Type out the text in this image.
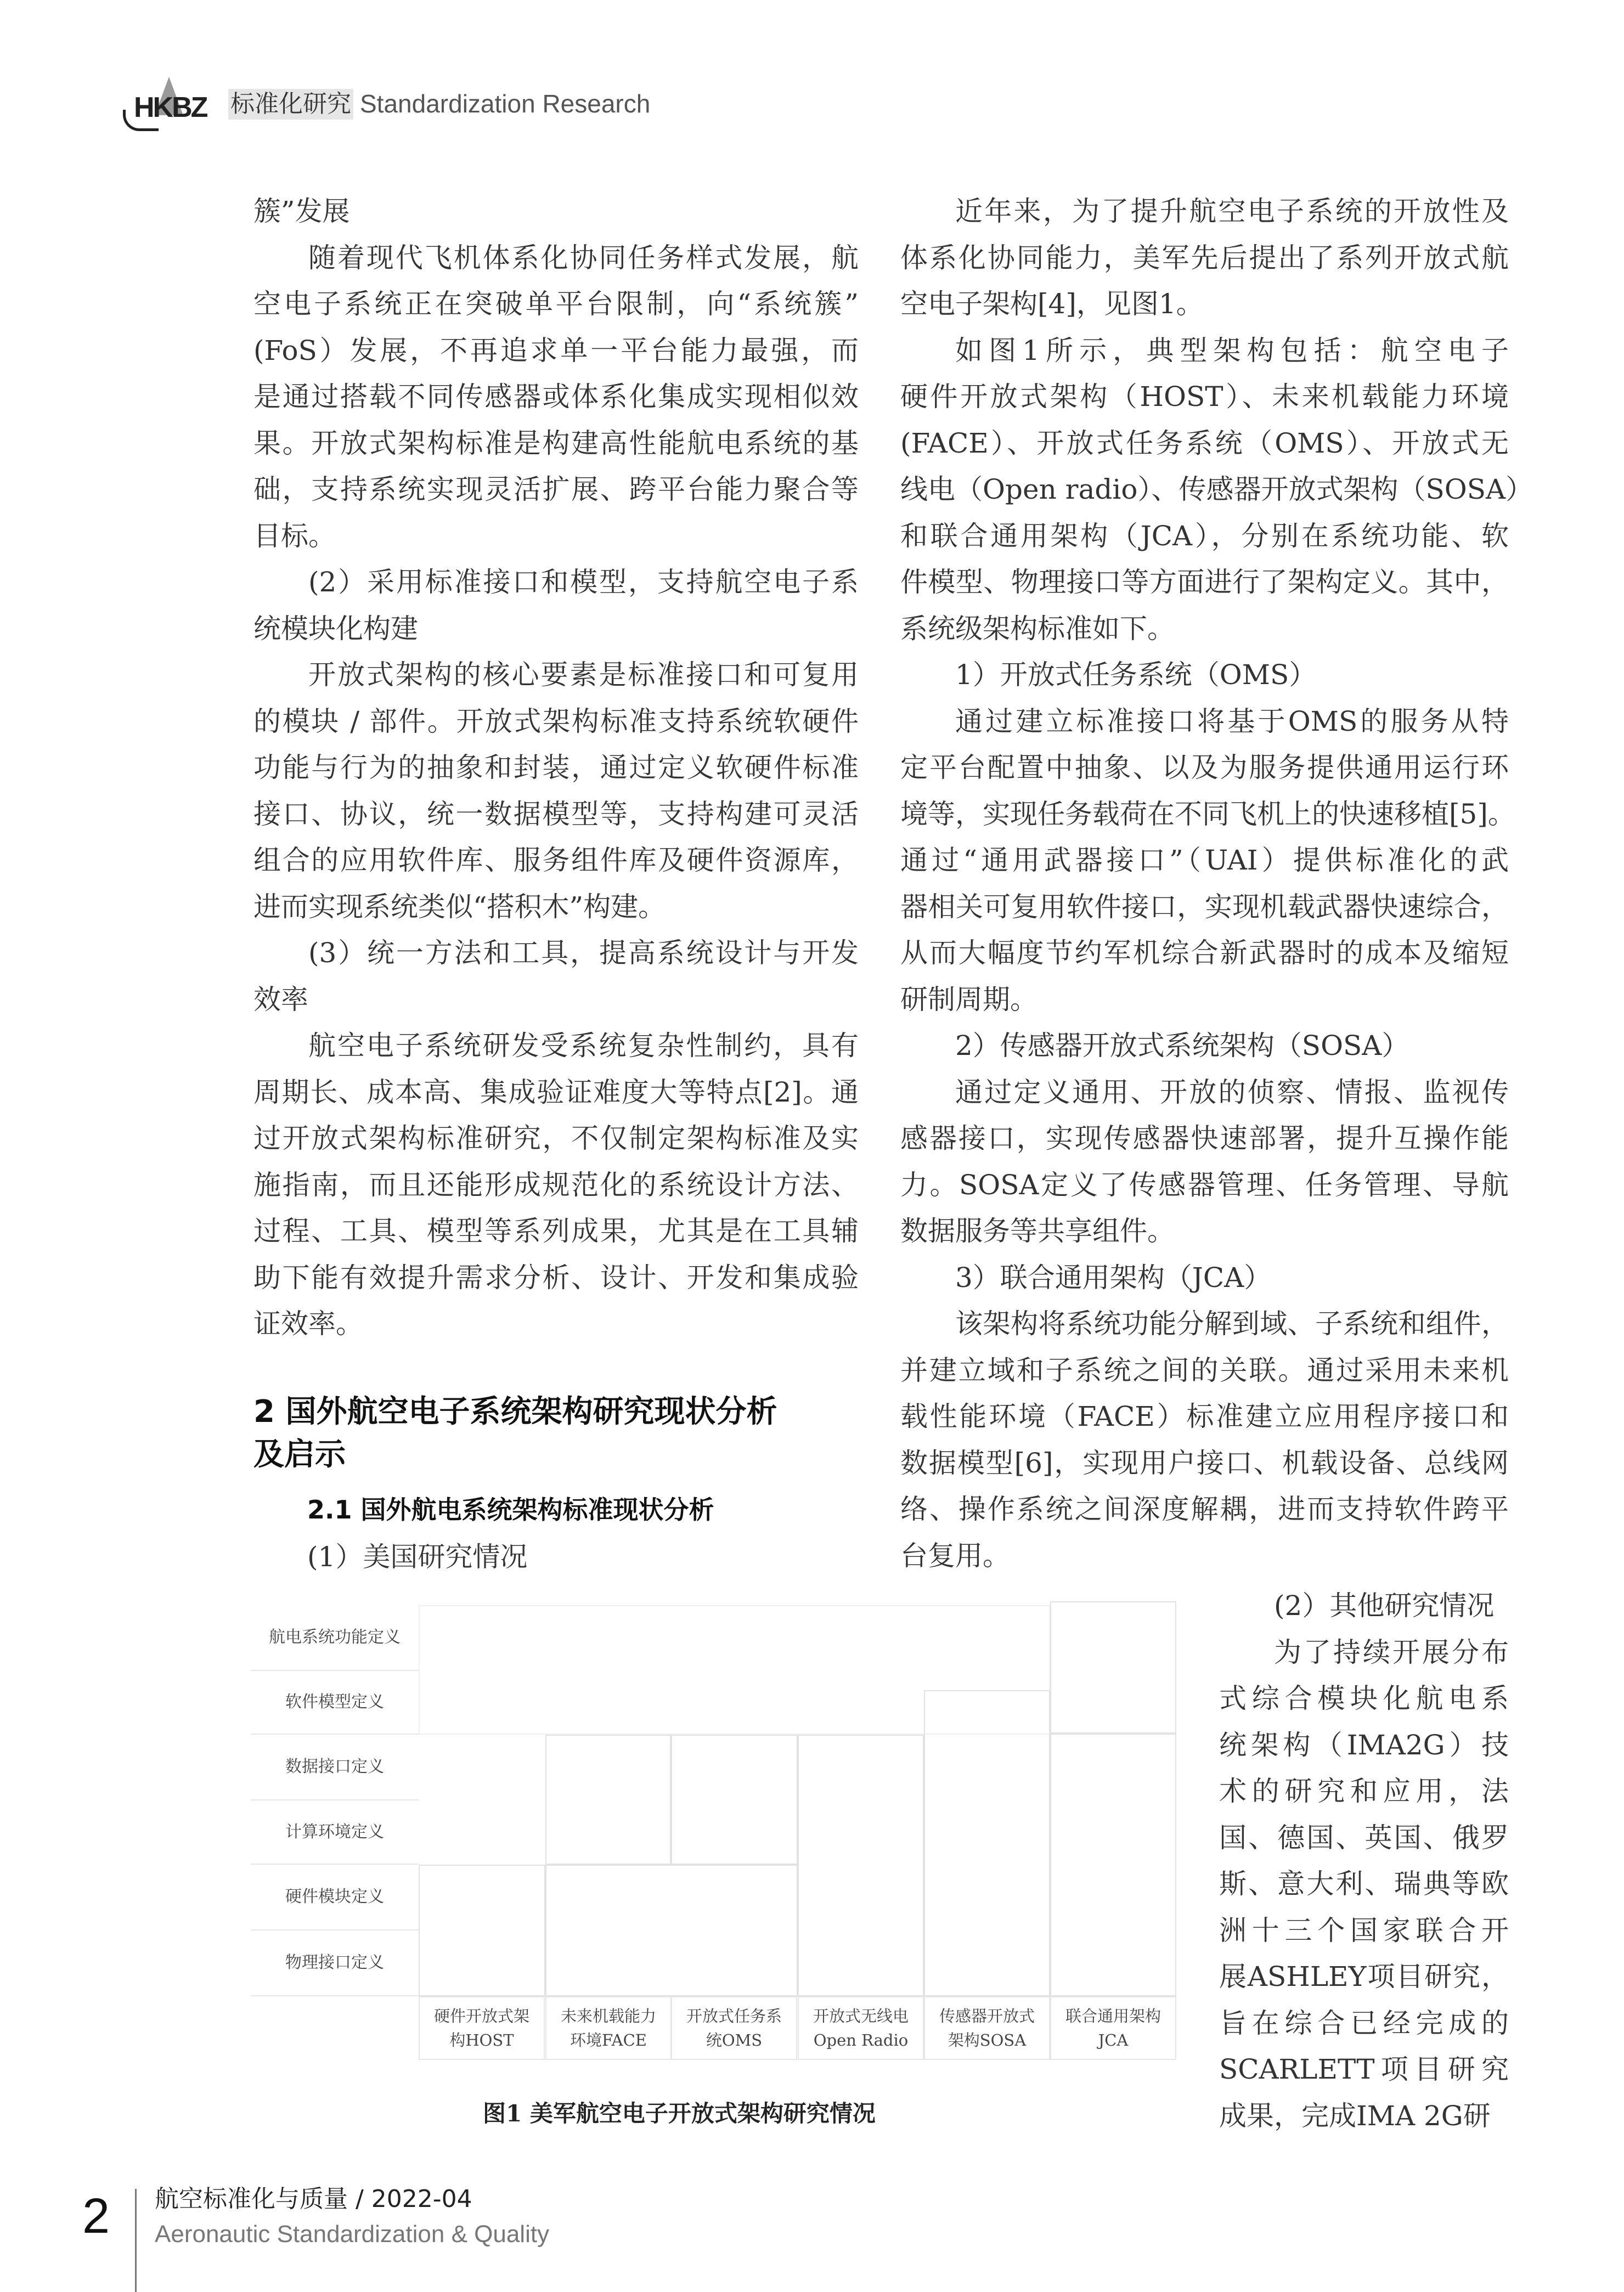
HKBZ 标准化研究 Standardization Research
簇”发展
随着现代飞机体系化协同任务样式发展，航
空电子系统正在突破单平台限制，向“系统簇”
(FoS）发展，不再追求单一平台能力最强，而
是通过搭载不同传感器或体系化集成实现相似效
果。开放式架构标准是构建高性能航电系统的基
础，支持系统实现灵活扩展、跨平台能力聚合等
目标。
(2）采用标准接口和模型，支持航空电子系
统模块化构建
开放式架构的核心要素是标准接口和可复用
的模块 / 部件。开放式架构标准支持系统软硬件
功能与行为的抽象和封装，通过定义软硬件标准
接口、协议，统一数据模型等，支持构建可灵活
组合的应用软件库、服务组件库及硬件资源库，
进而实现系统类似“搭积木”构建。
(3）统一方法和工具，提高系统设计与开发
效率
航空电子系统研发受系统复杂性制约，具有
周期长、成本高、集成验证难度大等特点[2]。通
过开放式架构标准研究，不仅制定架构标准及实
施指南，而且还能形成规范化的系统设计方法、
过程、工具、模型等系列成果，尤其是在工具辅
助下能有效提升需求分析、设计、开发和集成验
证效率。
近年来，为了提升航空电子系统的开放性及
体系化协同能力，美军先后提出了系列开放式航
空电子架构[4]，见图1。
如图1所示，典型架构包括：航空电子
硬件开放式架构（HOST）、未来机载能力环境
(FACE）、开放式任务系统（OMS）、开放式无
线电（Open radio）、传感器开放式架构（SOSA）
和联合通用架构（JCA），分别在系统功能、软
件模型、物理接口等方面进行了架构定义。其中，
系统级架构标准如下。
1）开放式任务系统（OMS）
通过建立标准接口将基于OMS的服务从特
定平台配置中抽象、以及为服务提供通用运行环
境等，实现任务载荷在不同飞机上的快速移植[5]。
通过“通用武器接口”（UAI）提供标准化的武
器相关可复用软件接口，实现机载武器快速综合，
从而大幅度节约军机综合新武器时的成本及缩短
研制周期。
2）传感器开放式系统架构（SOSA）
通过定义通用、开放的侦察、情报、监视传
感器接口，实现传感器快速部署，提升互操作能
力。SOSA定义了传感器管理、任务管理、导航
数据服务等共享组件。
3）联合通用架构（JCA）
该架构将系统功能分解到域、子系统和组件，
并建立域和子系统之间的关联。通过采用未来机
载性能环境（FACE）标准建立应用程序接口和
数据模型[6]，实现用户接口、机载设备、总线网
络、操作系统之间深度解耦，进而支持软件跨平
台复用。
(2）其他研究情况
为了持续开展分布
式综合模块化航电系
统架构（IMA2G）技
术的研究和应用，法
国、德国、英国、俄罗
斯、意大利、瑞典等欧
洲十三个国家联合开
展ASHLEY项目研究，
旨在综合已经完成的
SCARLETT项目研究
成果，完成IMA 2G研
2 国外航空电子系统架构研究现状分析
及启示
2.1 国外航电系统架构标准现状分析
(1）美国研究情况
航电系统功能定义
软件模型定义
数据接口定义
计算环境定义
硬件模块定义
物理接口定义
硬件开放式架
构HOST
未来机载能力
环境FACE
开放式任务系
统OMS
开放式无线电
Open Radio
传感器开放式
架构SOSA
联合通用架构
JCA
图1 美军航空电子开放式架构研究情况
2 航空标准化与质量 / 2022-04
Aeronautic Standardization & Quality
